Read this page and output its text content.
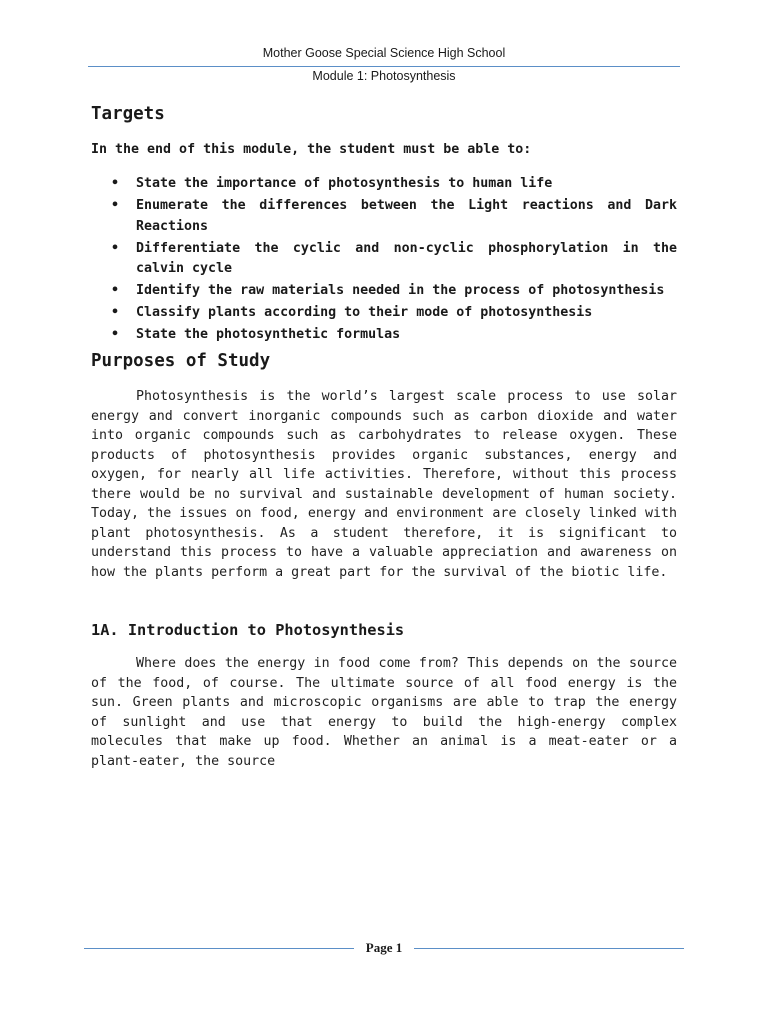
Mother Goose Special Science High School
Module 1: Photosynthesis
Targets

In the end of this module, the student must be able to:

• State the importance of photosynthesis to human life
• Enumerate the differences between the Light reactions and Dark Reactions
• Differentiate the cyclic and non-cyclic phosphorylation in the calvin cycle
• Identify the raw materials needed in the process of photosynthesis
• Classify plants according to their mode of photosynthesis
• State the photosynthetic formulas
Purposes of Study

Photosynthesis is the world’s largest scale process to use solar energy and convert inorganic compounds such as carbon dioxide and water into organic compounds such as carbohydrates to release oxygen. These products of photosynthesis provides organic substances, energy and oxygen, for nearly all life activities. Therefore, without this process there would be no survival and sustainable development of human society. Today, the issues on food, energy and environment are closely linked with plant photosynthesis. As a student therefore, it is significant to understand this process to have a valuable appreciation and awareness on how the plants perform a great part for the survival of the biotic life.

1A. Introduction to Photosynthesis

Where does the energy in food come from? This depends on the source of the food, of course. The ultimate source of all food energy is the sun. Green plants and microscopic organisms are able to trap the energy of sunlight and use that energy to build the high-energy complex molecules that make up food. Whether an animal is a meat-eater or a plant-eater, the source

Page 1
